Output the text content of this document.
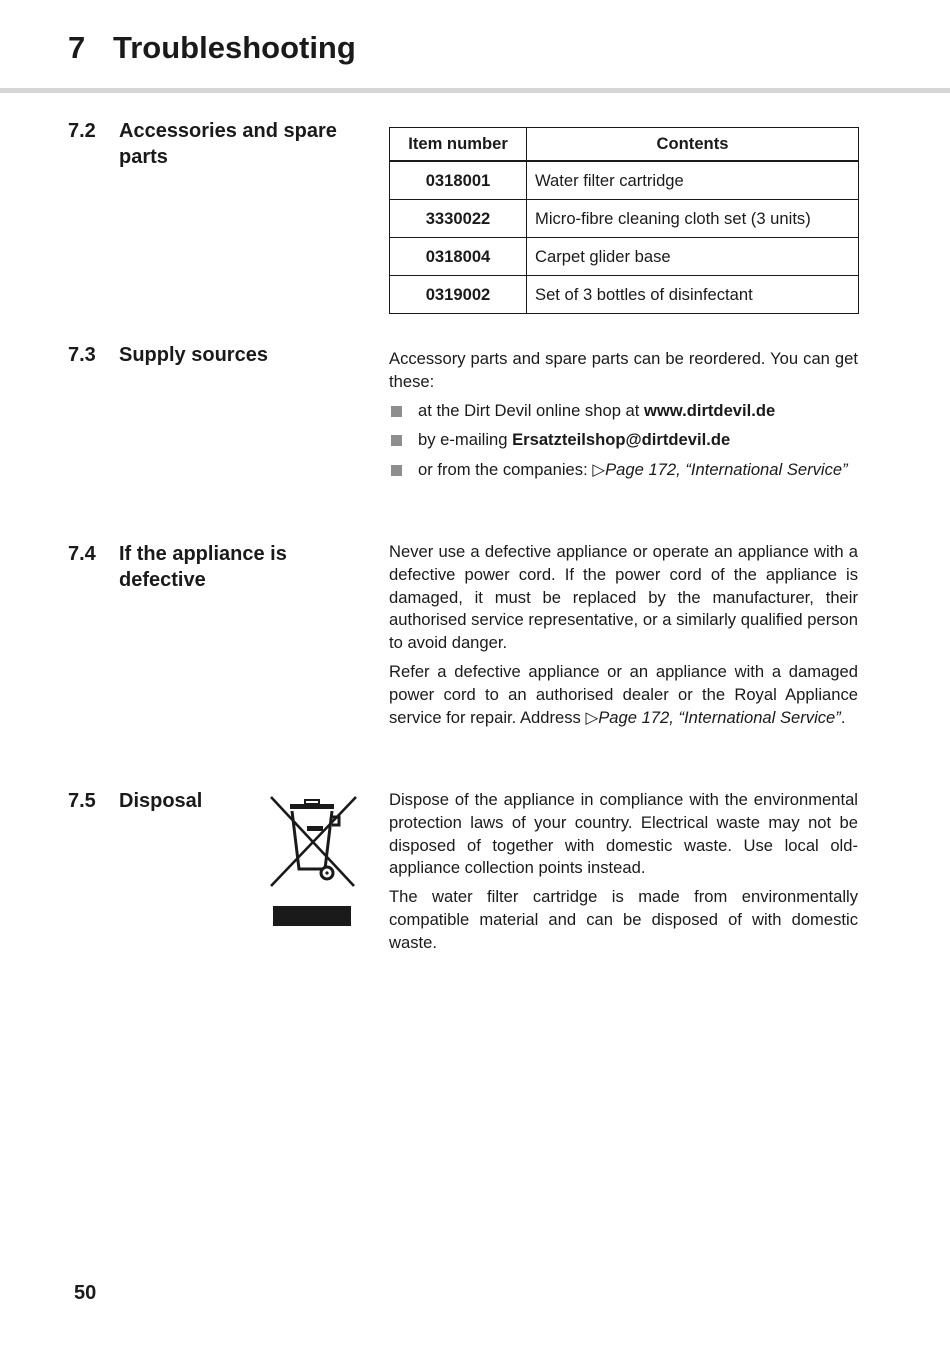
7 Troubleshooting
7.2 Accessories and spare parts
Item number	Contents
0318001	Water filter cartridge
3330022	Micro-fibre cleaning cloth set (3 units)
0318004	Carpet glider base
0319002	Set of 3 bottles of disinfectant
7.3 Supply sources	Accessory parts and spare parts can be reordered. You can get these:

at the Dirt Devil online shop at www.dirtdevil.de
by e-mailing Ersatzteilshop@dirtdevil.de
or from the companies: ▷Page 172, “International Service”
7.4 If the appliance is defective

Never use a defective appliance or operate an appliance with a defective power cord. If the power cord of the appliance is damaged, it must be replaced by the manufacturer, their authorised service representative, or a similarly qualified person to avoid danger.

Refer a defective appliance or an appliance with a damaged power cord to an authorised dealer or the Royal Appliance service for repair. Address ▷Page 172, “International Service”.

7.5 Disposal	Dispose of the appliance in compliance with the environmental protection laws of your country. Electrical waste may not be disposed of together with domestic waste. Use local old-appliance collection points instead.

The water filter cartridge is made from environmentally compatible material and can be disposed of with domestic waste.

50
